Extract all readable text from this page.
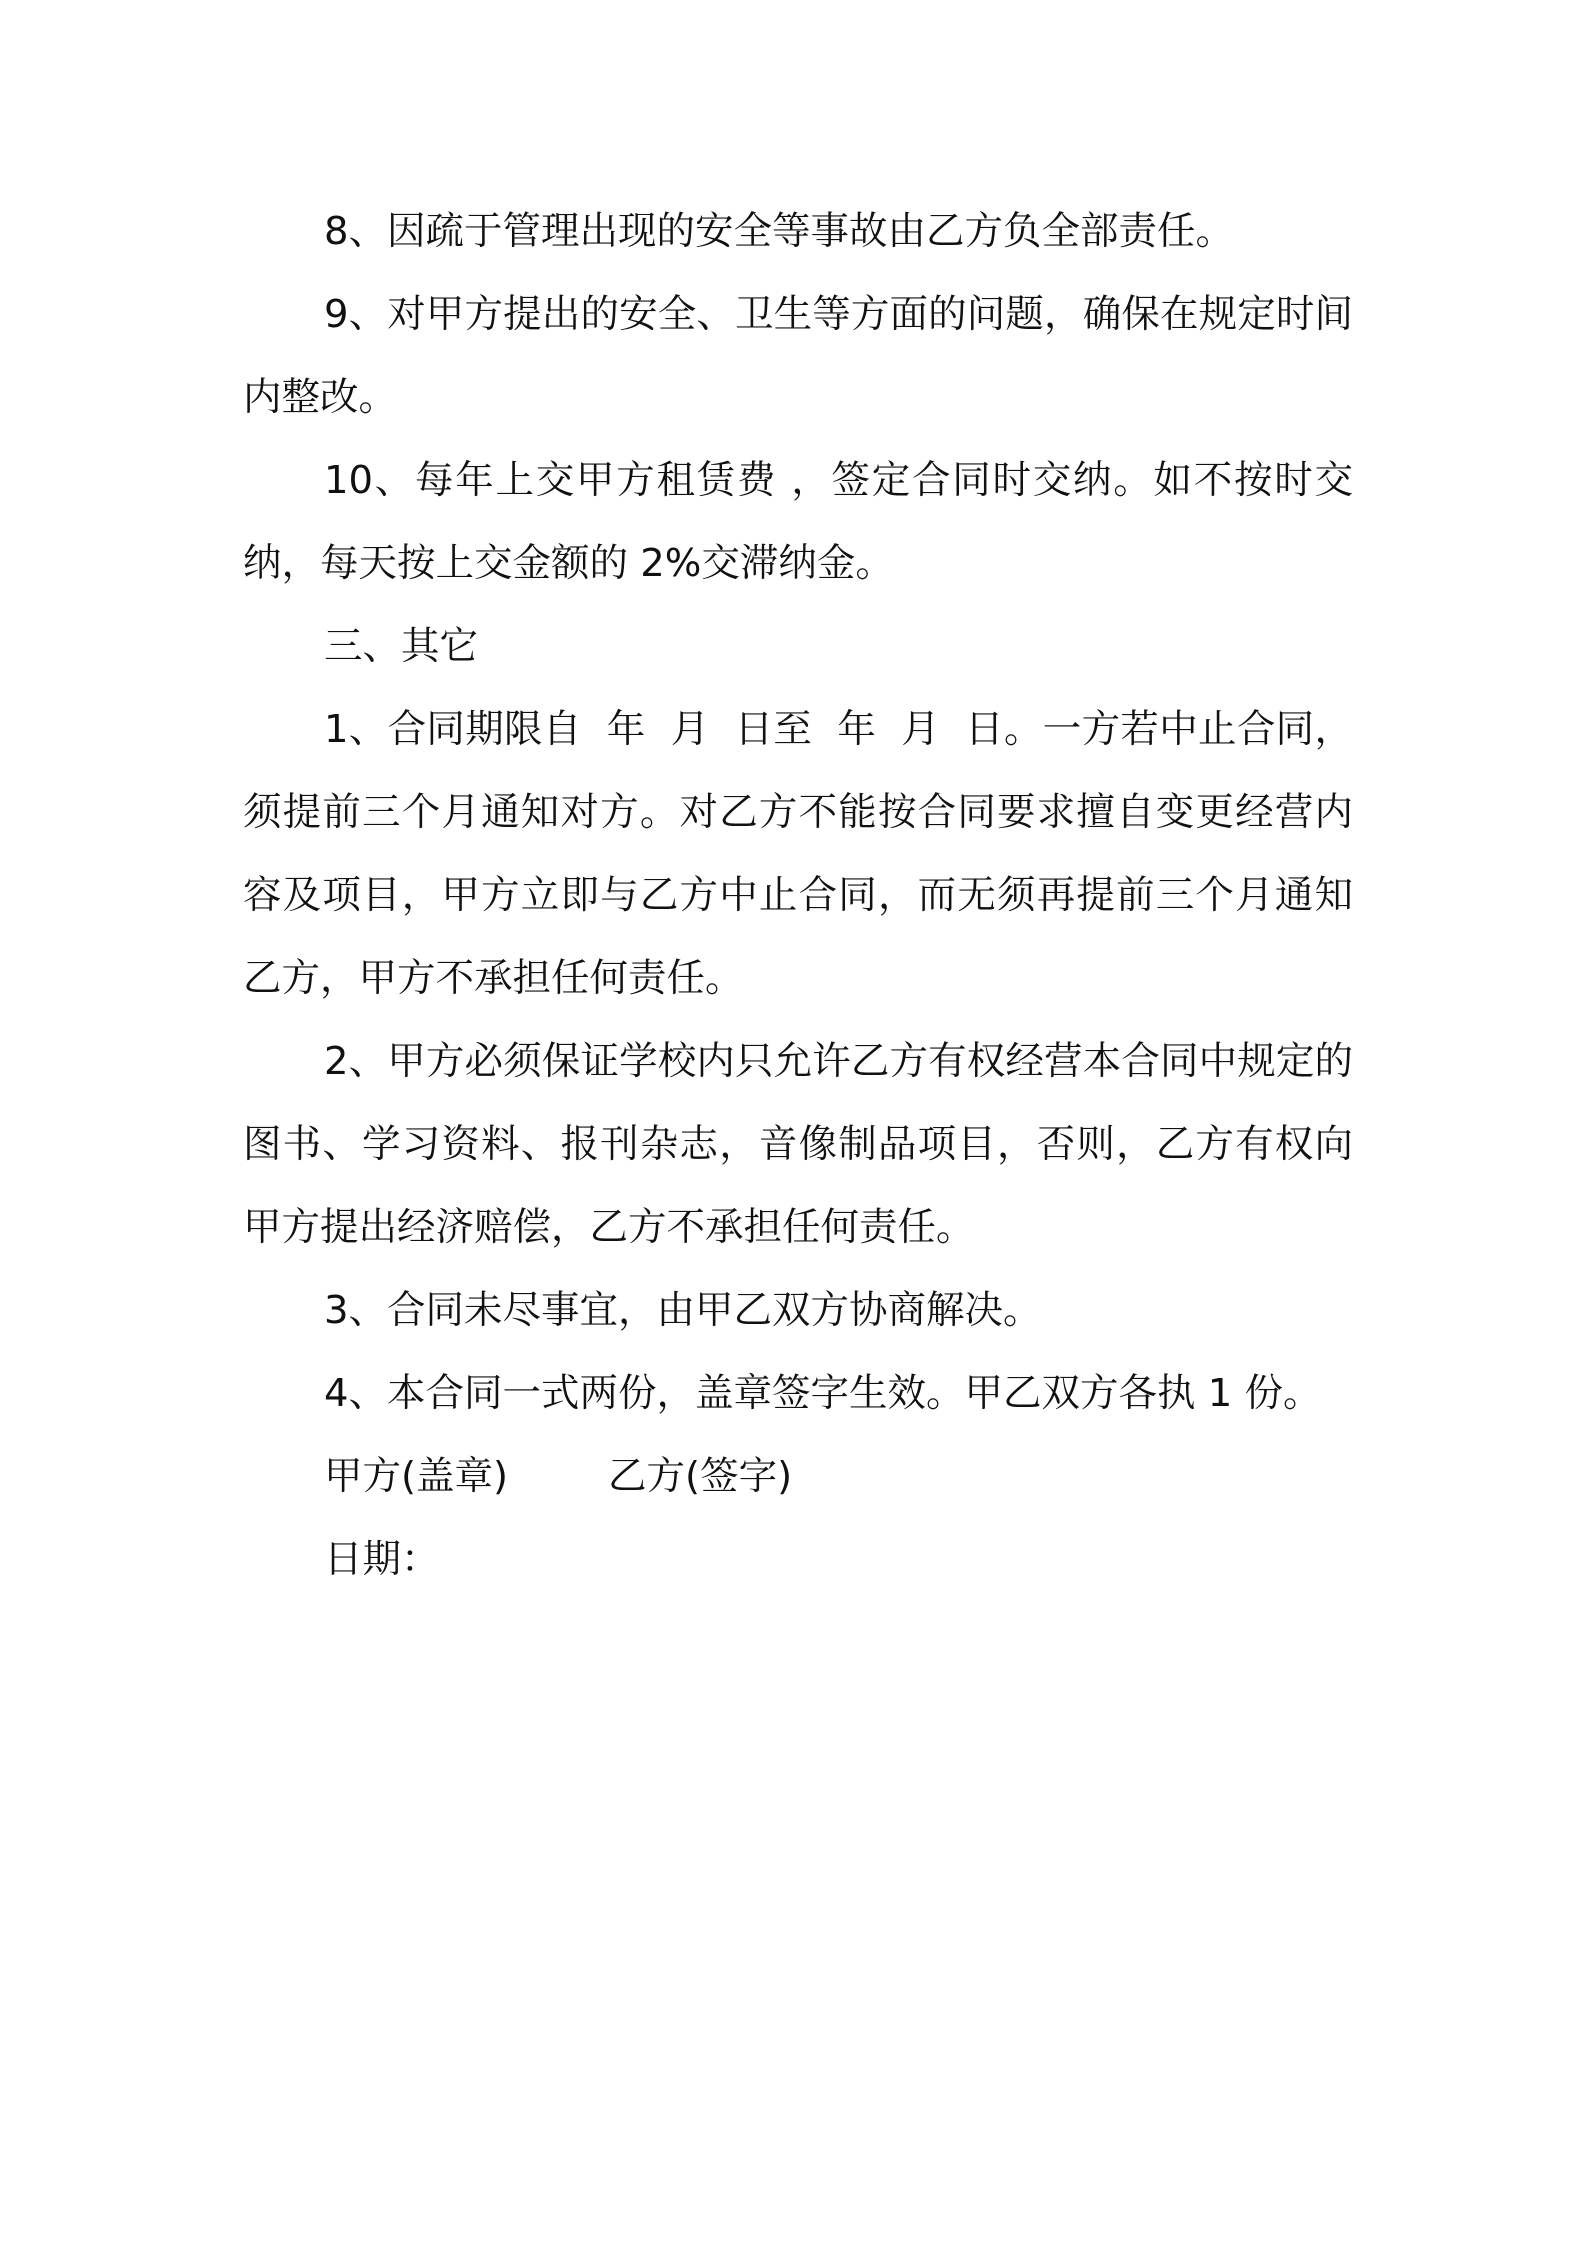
8、因疏于管理出现的安全等事故由乙方负全部责任。

9、对甲方提出的安全、卫生等方面的问题，确保在规定时间内整改。

10、每年上交甲方租赁费 ，签定合同时交纳。如不按时交纳，每天按上交金额的 2%交滞纳金。

三、其它

1、合同期限自  年  月  日至  年  月  日。一方若中止合同，须提前三个月通知对方。对乙方不能按合同要求擅自变更经营内容及项目，甲方立即与乙方中止合同，而无须再提前三个月通知乙方，甲方不承担任何责任。

2、甲方必须保证学校内只允许乙方有权经营本合同中规定的图书、学习资料、报刊杂志，音像制品项目，否则，乙方有权向甲方提出经济赔偿，乙方不承担任何责任。

3、合同未尽事宜，由甲乙双方协商解决。

4、本合同一式两份，盖章签字生效。甲乙双方各执 1 份。

甲方(盖章)	乙方(签字)
日期：
